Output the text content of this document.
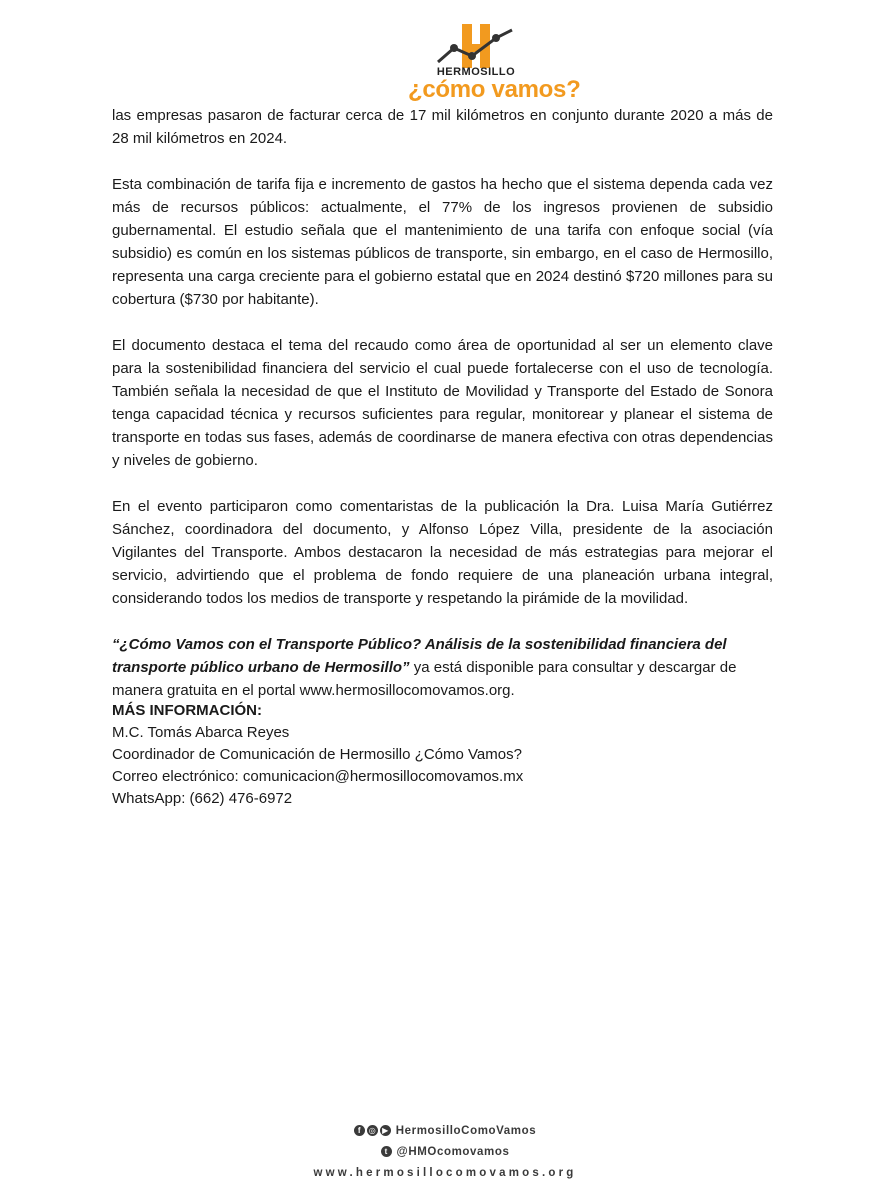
HERMOSILLO
¿cómo vamos?

las empresas pasaron de facturar cerca de 17 mil kilómetros en conjunto durante 2020 a más de 28 mil kilómetros en 2024.

Esta combinación de tarifa fija e incremento de gastos ha hecho que el sistema dependa cada vez más de recursos públicos: actualmente, el 77% de los ingresos provienen de subsidio gubernamental. El estudio señala que el mantenimiento de una tarifa con enfoque social (vía subsidio) es común en los sistemas públicos de transporte, sin embargo, en el caso de Hermosillo, representa una carga creciente para el gobierno estatal que en 2024 destinó $720 millones para su cobertura ($730 por habitante).

El documento destaca el tema del recaudo como área de oportunidad al ser un elemento clave para la sostenibilidad financiera del servicio el cual puede fortalecerse con el uso de tecnología. También señala la necesidad de que el Instituto de Movilidad y Transporte del Estado de Sonora tenga capacidad técnica y recursos suficientes para regular, monitorear y planear el sistema de transporte en todas sus fases, además de coordinarse de manera efectiva con otras dependencias y niveles de gobierno.

En el evento participaron como comentaristas de la publicación la Dra. Luisa María Gutiérrez Sánchez, coordinadora del documento, y Alfonso López Villa, presidente de la asociación Vigilantes del Transporte. Ambos destacaron la necesidad de más estrategias para mejorar el servicio, advirtiendo que el problema de fondo requiere de una planeación urbana integral, considerando todos los medios de transporte y respetando la pirámide de la movilidad.

“¿Cómo Vamos con el Transporte Público? Análisis de la sostenibilidad financiera del transporte público urbano de Hermosillo” ya está disponible para consultar y descargar de manera gratuita en el portal www.hermosillocomovamos.org.

MÁS INFORMACIÓN:
M.C. Tomás Abarca Reyes
Coordinador de Comunicación de Hermosillo ¿Cómo Vamos?
Correo electrónico: comunicacion@hermosillocomovamos.mx
WhatsApp: (662) 476-6972
f	◎ ▶ HermosilloComoVamos
t @HMOcomovamos
www.hermosillocomovamos.org
